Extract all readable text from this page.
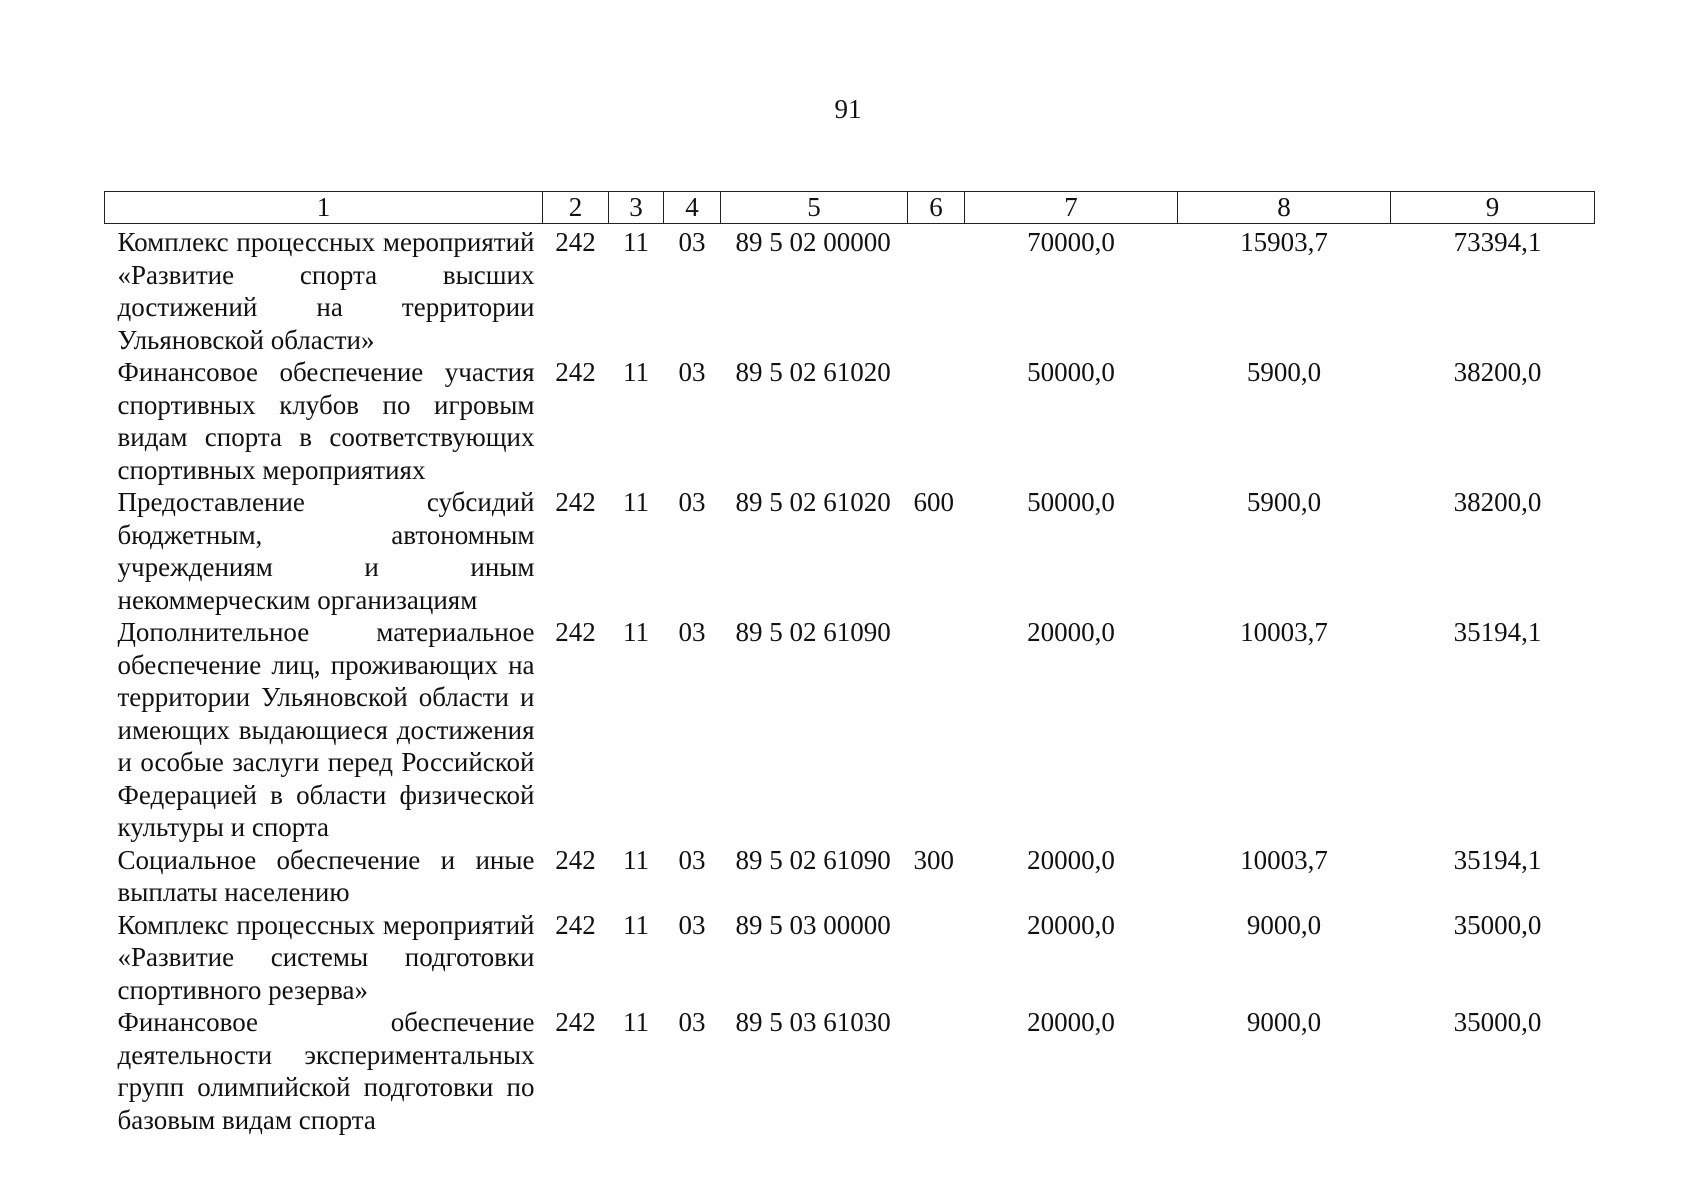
91
1	2	3	4	5	6	7	8	9
Комплекс процессных мероприятий «Развитие спорта высших достижений на территории Ульяновской области»	242	11	03	89 5 02 00000		70000,0	15903,7	73394,1
Финансовое обеспечение участия спортивных клубов по игровым видам спорта в соответствующих спортивных мероприятиях	242	11	03	89 5 02 61020		50000,0	5900,0	38200,0
Предоставление субсидий бюджетным, автономным учреждениям и иным некоммерческим организациям	242	11	03	89 5 02 61020	600	50000,0	5900,0	38200,0
Дополнительное материальное обеспечение лиц, проживающих на территории Ульяновской области и имеющих выдающиеся достижения и особые заслуги перед Российской Федерацией в области физической культуры и спорта	242	11	03	89 5 02 61090		20000,0	10003,7	35194,1
Социальное обеспечение и иные выплаты населению	242	11	03	89 5 02 61090	300	20000,0	10003,7	35194,1
Комплекс процессных мероприятий «Развитие системы подготовки спортивного резерва»	242	11	03	89 5 03 00000		20000,0	9000,0	35000,0
Финансовое обеспечение деятельности экспериментальных групп олимпийской подготовки по базовым видам спорта	242	11	03	89 5 03 61030		20000,0	9000,0	35000,0
